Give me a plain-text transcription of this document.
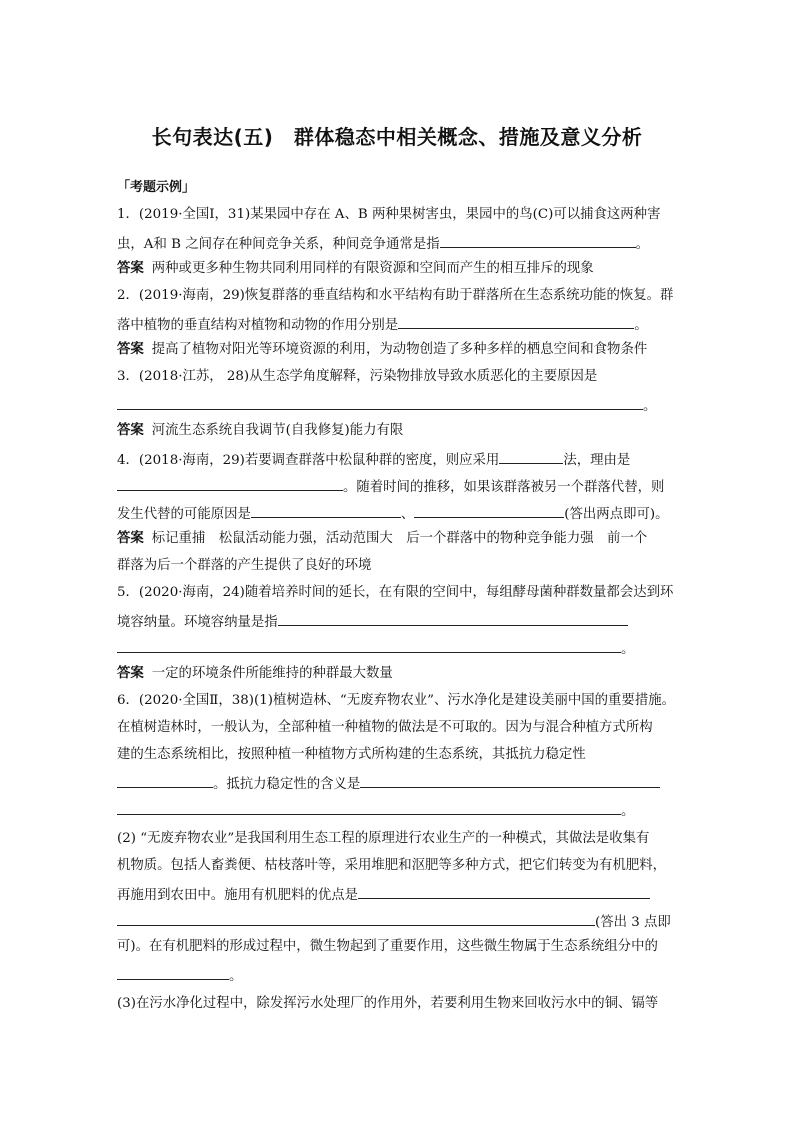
长句表达(五)　群体稳态中相关概念、措施及意义分析
「考题示例」
1．(2019·全国Ⅰ，31)某果园中存在 A、B 两种果树害虫，果园中的鸟(C)可以捕食这两种害
虫，A和 B 之间存在种间竞争关系，种间竞争通常是指	。
答案 两种或更多种生物共同利用同样的有限资源和空间而产生的相互排斥的现象
2．(2019·海南，29)恢复群落的垂直结构和水平结构有助于群落所在生态系统功能的恢复。群
落中植物的垂直结构对植物和动物的作用分别是	。
答案 提高了植物对阳光等环境资源的利用，为动物创造了多种多样的栖息空间和食物条件
3．(2018·江苏， 28)从生态学角度解释，污染物排放导致水质恶化的主要原因是
。
答案 河流生态系统自我调节(自我修复)能力有限
4．(2018·海南，29)若要调查群落中松鼠种群的密度，则应采用	法，理由是
。随着时间的推移，如果该群落被另一个群落代替，则
发生代替的可能原因是	、	(答出两点即可)。
答案 标记重捕　松鼠活动能力强，活动范围大　后一个群落中的物种竞争能力强　前一个
群落为后一个群落的产生提供了良好的环境
5．(2020·海南，24)随着培养时间的延长，在有限的空间中，每组酵母菌种群数量都会达到环
境容纳量。环境容纳量是指
。
答案 一定的环境条件所能维持的种群最大数量
6．(2020·全国Ⅱ，38)(1)植树造林、“无废弃物农业”、污水净化是建设美丽中国的重要措施。
在植树造林时，一般认为，全部种植一种植物的做法是不可取的。因为与混合种植方式所构
建的生态系统相比，按照种植一种植物方式所构建的生态系统，其抵抗力稳定性
。抵抗力稳定性的含义是
。
(2) “无废弃物农业”是我国利用生态工程的原理进行农业生产的一种模式，其做法是收集有
机物质。包括人畜粪便、枯枝落叶等，采用堆肥和沤肥等多种方式，把它们转变为有机肥料，
再施用到农田中。施用有机肥料的优点是
(答出 3 点即
可)。在有机肥料的形成过程中，微生物起到了重要作用，这些微生物属于生态系统组分中的
。
(3)在污水净化过程中，除发挥污水处理厂的作用外，若要利用生物来回收污水中的铜、镉等
